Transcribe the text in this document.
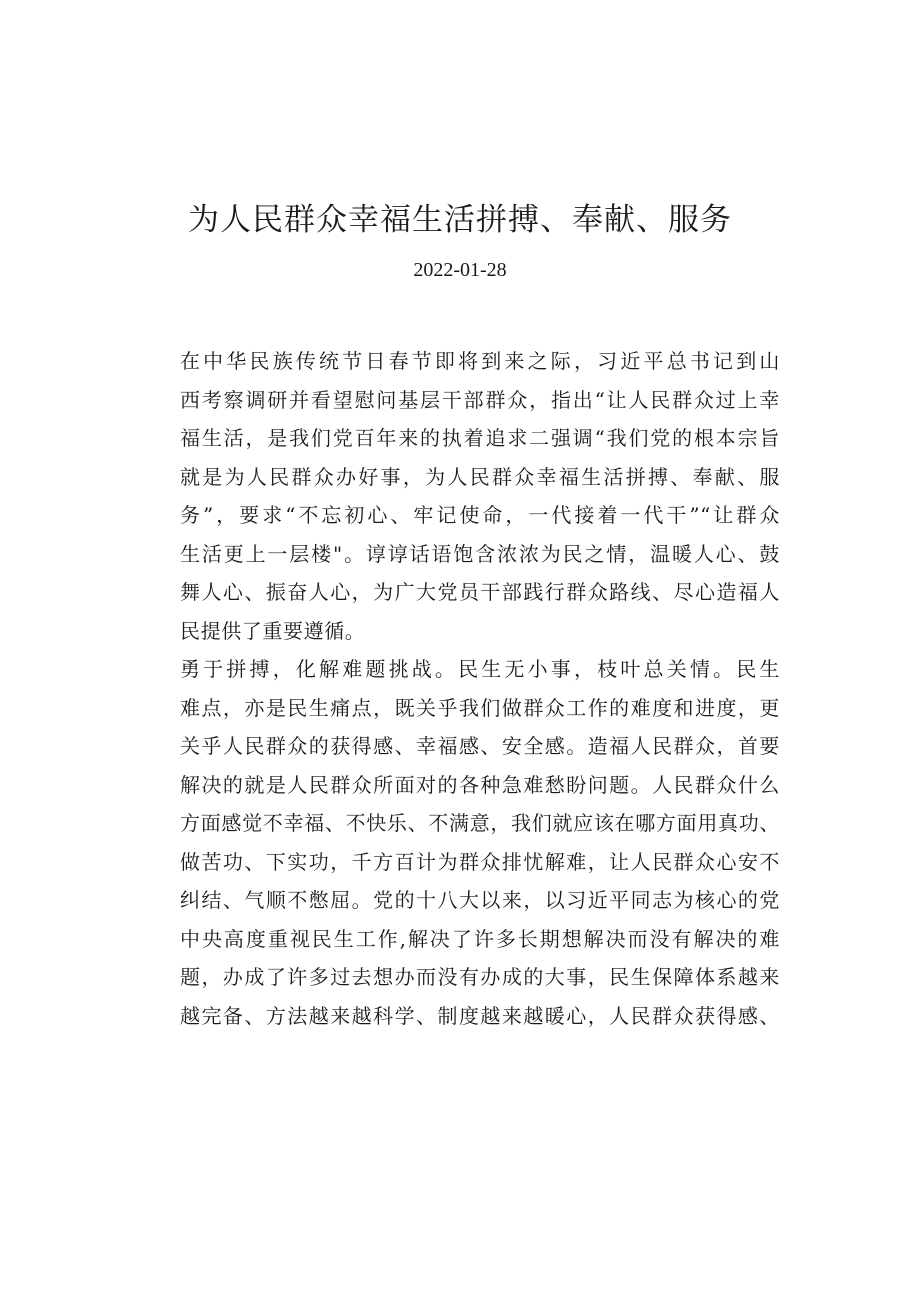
为人民群众幸福生活拼搏、奉献、服务
2022-01-28

在中华民族传统节日春节即将到来之际，习近平总书记到山
西考察调研并看望慰问基层干部群众，指出“让人民群众过上幸
福生活，是我们党百年来的执着追求二强调“我们党的根本宗旨
就是为人民群众办好事，为人民群众幸福生活拼搏、奉献、服
务”，要求“不忘初心、牢记使命，一代接着一代干”“让群众
生活更上一层楼"。谆谆话语饱含浓浓为民之情，温暖人心、鼓
舞人心、振奋人心，为广大党员干部践行群众路线、尽心造福人
民提供了重要遵循。

勇于拼搏，化解难题挑战。民生无小事，枝叶总关情。民生
难点，亦是民生痛点，既关乎我们做群众工作的难度和进度，更
关乎人民群众的获得感、幸福感、安全感。造福人民群众，首要
解决的就是人民群众所面对的各种急难愁盼问题。人民群众什么
方面感觉不幸福、不快乐、不满意，我们就应该在哪方面用真功、
做苦功、下实功，千方百计为群众排忧解难，让人民群众心安不
纠结、气顺不憋屈。党的十八大以来，以习近平同志为核心的党
中央高度重视民生工作,解决了许多长期想解决而没有解决的难
题，办成了许多过去想办而没有办成的大事，民生保障体系越来
越完备、方法越来越科学、制度越来越暖心，人民群众获得感、
